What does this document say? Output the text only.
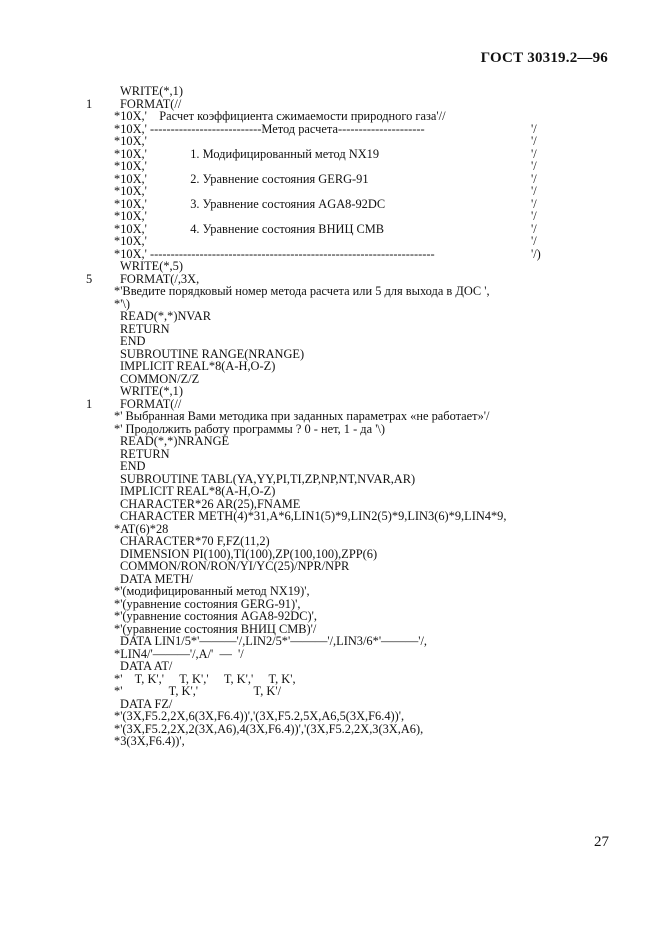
ГОСТ 30319.2—96
WRITE(*,1)
1 FORMAT(//
*10X,'    Расчет коэффициента сжимаемости природного газа'//
*10X,' ---------------------------Метод расчета---------------------	'/
*10X,'	'/
*10X,'              1. Модифицированный метод NX19	'/
*10X,'	'/
*10X,'              2. Уравнение состояния GERG-91	'/
*10X,'	'/
*10X,'              3. Уравнение состояния AGA8-92DC	'/
*10X,'	'/
*10X,'              4. Уравнение состояния ВНИЦ СМВ	'/
*10X,'	'/
*10X,' ---------------------------------------------------------------------	'/)
WRITE(*,5)
5 FORMAT(/,3X,
*'Введите порядковый номер метода расчета или 5 для выхода в ДОС ',
*'\)
READ(*,*)NVAR
RETURN
END
SUBROUTINE RANGE(NRANGE)
IMPLICIT REAL*8(A-H,O-Z)
COMMON/Z/Z
WRITE(*,1)
1 FORMAT(//
*' Выбранная Вами методика при заданных параметрах «не работает»'/
*' Продолжить работу программы ? 0 - нет, 1 - да '\)
READ(*,*)NRANGE
RETURN
END
SUBROUTINE TABL(YA,YY,PI,TI,ZP,NP,NT,NVAR,AR)
IMPLICIT REAL*8(A-H,O-Z)
CHARACTER*26 AR(25),FNAME
CHARACTER METH(4)*31,A*6,LIN1(5)*9,LIN2(5)*9,LIN3(6)*9,LIN4*9,
*AT(6)*28
CHARACTER*70 F,FZ(11,2)
DIMENSION PI(100),TI(100),ZP(100,100),ZPP(6)
COMMON/RON/RON/YI/YC(25)/NPR/NPR
DATA METH/
*'(модифицированный метод NX19)',
*'(уравнение состояния GERG-91)',
*'(уравнение состояния AGA8-92DC)',
*'(уравнение состояния ВНИЦ СМВ)'/
DATA LIN1/5*'———'/,LIN2/5*'———'/,LIN3/6*'———'/,
*LIN4/'———'/,A/'  —  '/
DATA AT/
*'    T, K','     T, K','     T, K','     T, K',
*'               T, K','                  T, K'/
DATA FZ/
*'(3X,F5.2,2X,6(3X,F6.4))','(3X,F5.2,5X,A6,5(3X,F6.4))',
*'(3X,F5.2,2X,2(3X,A6),4(3X,F6.4))','(3X,F5.2,2X,3(3X,A6),
*3(3X,F6.4))',
27
